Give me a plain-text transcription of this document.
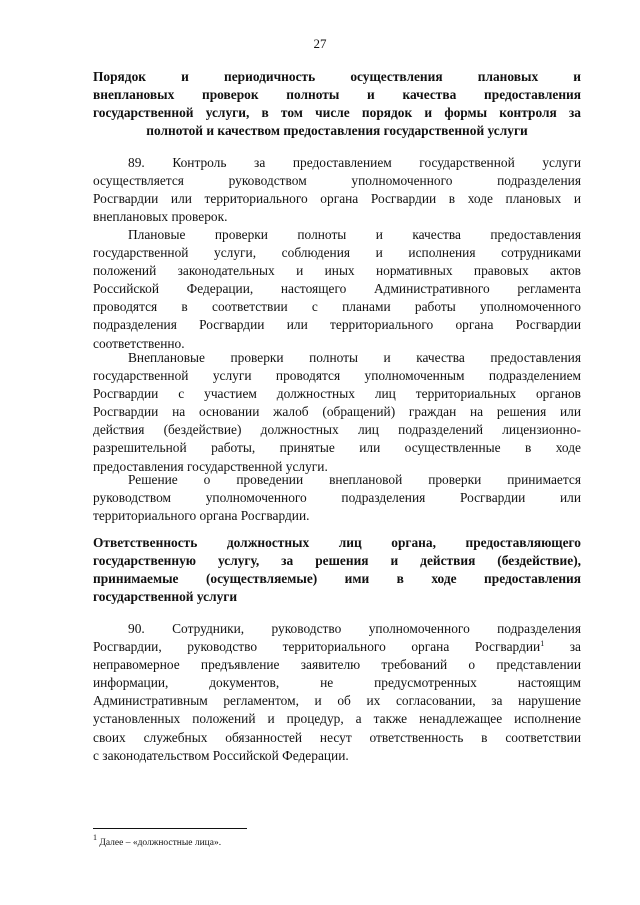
27
Порядок и периодичность осуществления плановых и
внеплановых проверок полноты и качества предоставления
государственной услуги, в том числе порядок и формы контроля за
полнотой и качеством предоставления государственной услуги
89. Контроль за предоставлением государственной услуги
осуществляется руководством уполномоченного подразделения
Росгвардии или территориального органа Росгвардии в ходе плановых и
внеплановых проверок.
Плановые проверки полноты и качества предоставления
государственной услуги, соблюдения и исполнения сотрудниками
положений законодательных и иных нормативных правовых актов
Российской Федерации, настоящего Административного регламента
проводятся в соответствии с планами работы уполномоченного
подразделения Росгвардии или территориального органа Росгвардии
соответственно.
Внеплановые проверки полноты и качества предоставления
государственной услуги проводятся уполномоченным подразделением
Росгвардии с участием должностных лиц территориальных органов
Росгвардии на основании жалоб (обращений) граждан на решения или
действия (бездействие) должностных лиц подразделений лицензионно-
разрешительной работы, принятые или осуществленные в ходе
предоставления государственной услуги.
Решение о проведении внеплановой проверки принимается
руководством уполномоченного подразделения Росгвардии или
территориального органа Росгвардии.
Ответственность должностных лиц органа, предоставляющего
государственную услугу, за решения и действия (бездействие),
принимаемые (осуществляемые) ими в ходе предоставления
государственной услуги
90. Сотрудники, руководство уполномоченного подразделения
Росгвардии, руководство территориального органа Росгвардии$^1$ за
неправомерное предъявление заявителю требований о представлении
информации, документов, не предусмотренных настоящим
Административным регламентом, и об их согласовании, за нарушение
установленных положений и процедур, а также ненадлежащее исполнение
своих служебных обязанностей несут ответственность в соответствии
с законодательством Российской Федерации.
$^1$ Далее – «должностные лица».
